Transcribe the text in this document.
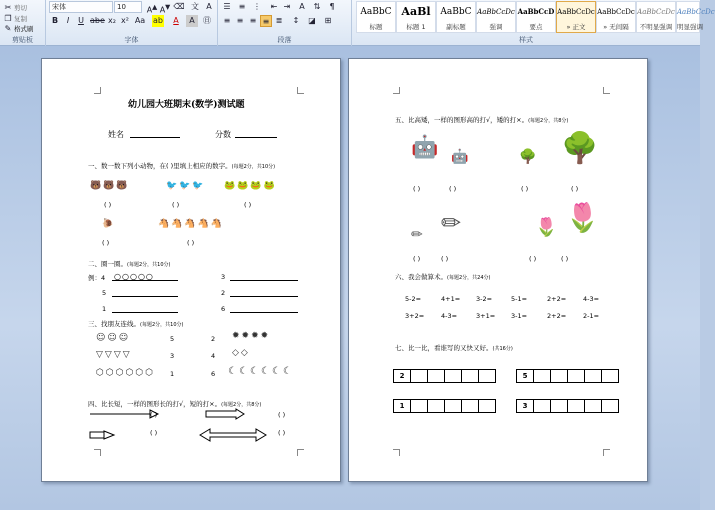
✂ 剪切
❐ 复制
✎ 格式刷
剪贴板
宋体	10	A▲ A▼ ⌫ 文 A
B	I	U abe x₂ x² Aa ab	A	A	㊐
字体
☰	≡ ⋮	⇤ ⇥	A	⇅	¶
≡ ≡ ≡ ≡ ≣	↕	◪	⊞
段落
AaBbC
标题
AaBl
标题 1
AaBbC
副标题
AaBbCcDc
强调
AaBbCcD
要点
AaBbCcDc
» 正文
AaBbCcDc
» 无间隔
AaBbCcDc
不明显强调
AaBbCcDc
明显强调
样式
幼儿园大班期末(数学)测试题
姓名	分数
一、数一数下列小动物，在( )里填上相应的数字。(每题2分，共10分)
🐻🐻🐻	🐦🐦🐦 🐸🐸🐸🐸
( )	( )	( )
🐌	🐴🐴🐴🐴🐴
( )	( )
二、圈一圈。(每题2分，共10分)
例：4 ○○○○○	3
5	2
1	6
三、找朋友连线。(每题2分，共10分)
☺☺☺
▽▽▽▽
⬡⬡⬡⬡⬡⬡
5
3
1
2
4
6
✹✹✹✹
◇◇
☾☾☾☾☾☾
四、比长短，一样的图形长的打√，短的打×。(每题2分，共8分)
( )
( )
( )
( )
五、比高矮，一样的图形高的打√，矮的打×。(每题2分，共8分)
🤖 🤖	🌳 🌳
( )	( )	( )	( )
✏ ✏	🌷 🌷
( )	( )	( )	( )
六、我会做算术。(每题2分，共24分)
5-2=	4+1= 3-2=	5-1=	2+2=	4-3=
3+2=	4-3=	3+1= 3-1=	2+2=	2-1=
七、比一比，看谁写的又快又好。(共16分)
2	5
1	3
